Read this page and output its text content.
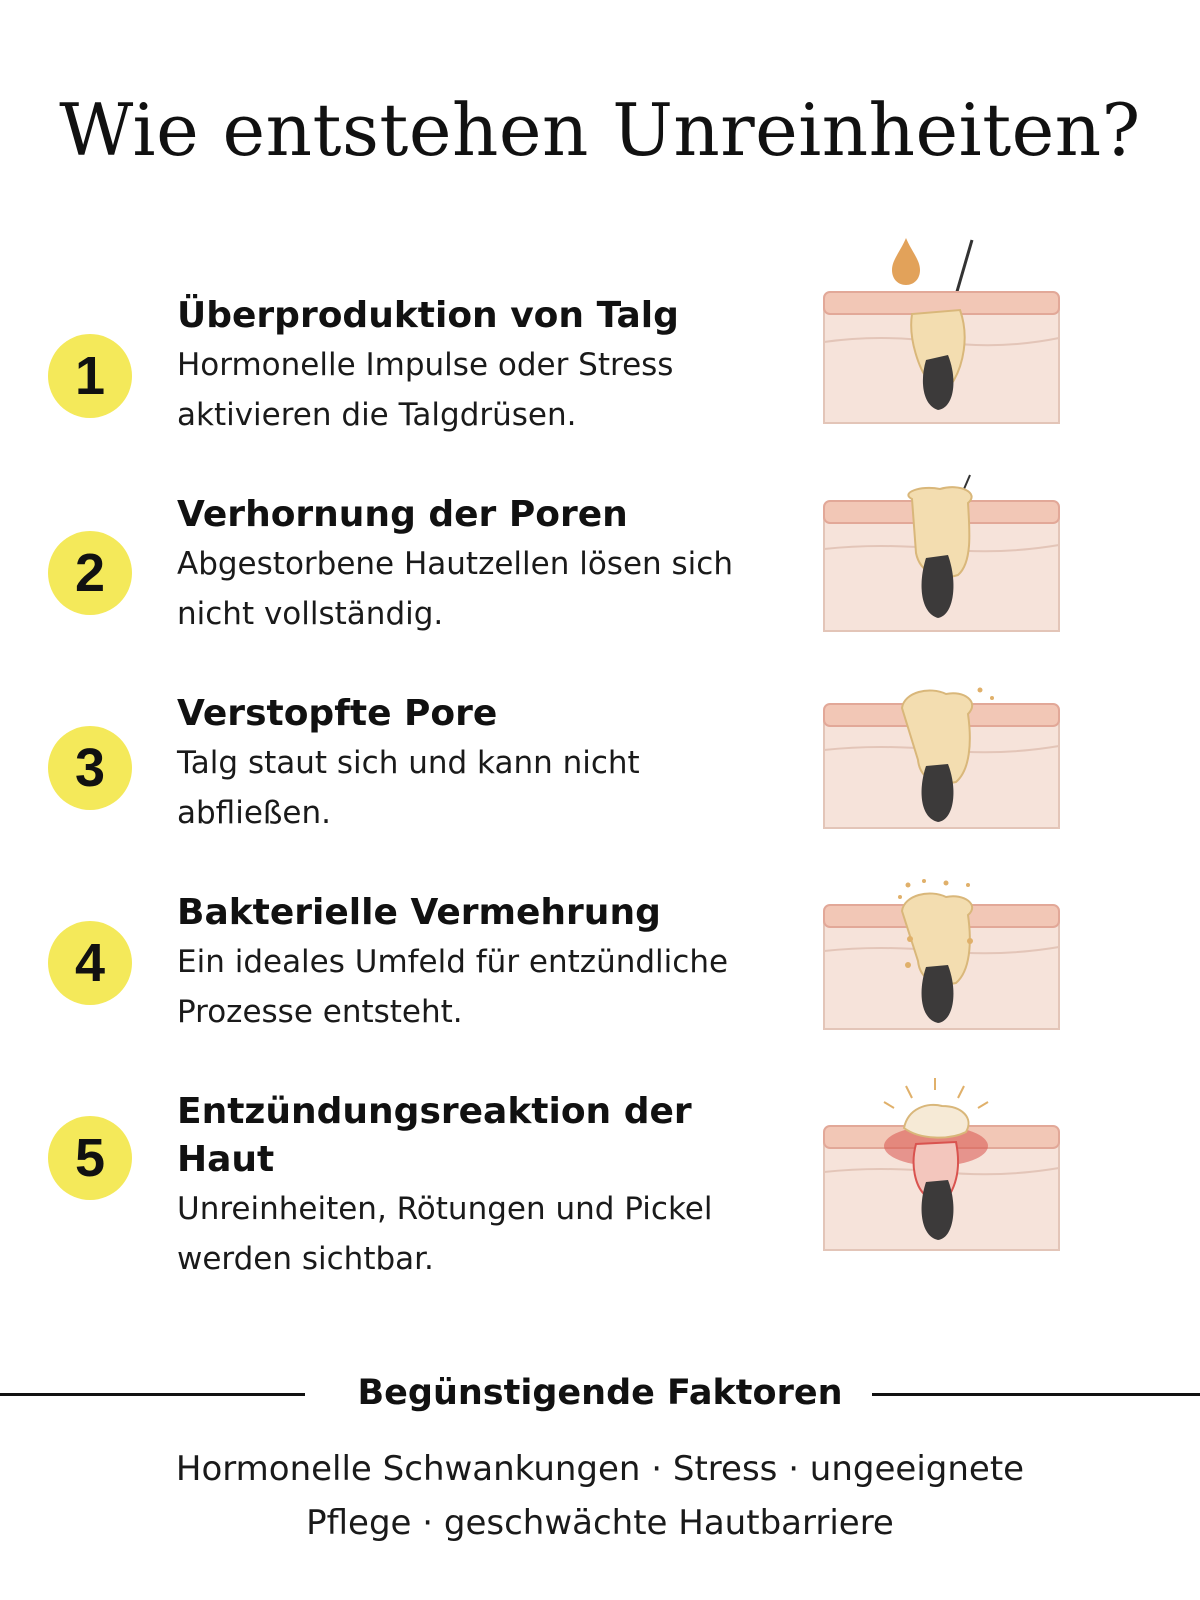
Wie entstehen Unreinheiten?
1
Überproduktion von Talg
Hormonelle Impulse oder Stress
aktivieren die Talgdrüsen.
2
Verhornung der Poren
Abgestorbene Hautzellen lösen sich
nicht vollständig.
3
Verstopfte Pore
Talg staut sich und kann nicht
abfließen.
4
Bakterielle Vermehrung
Ein ideales Umfeld für entzündliche
Prozesse entsteht.
5
Entzündungsreaktion der Haut
Unreinheiten, Rötungen und Pickel
werden sichtbar.
Begünstigende Faktoren
Hormonelle Schwankungen · Stress · ungeeignete
Pflege · geschwächte Hautbarriere
